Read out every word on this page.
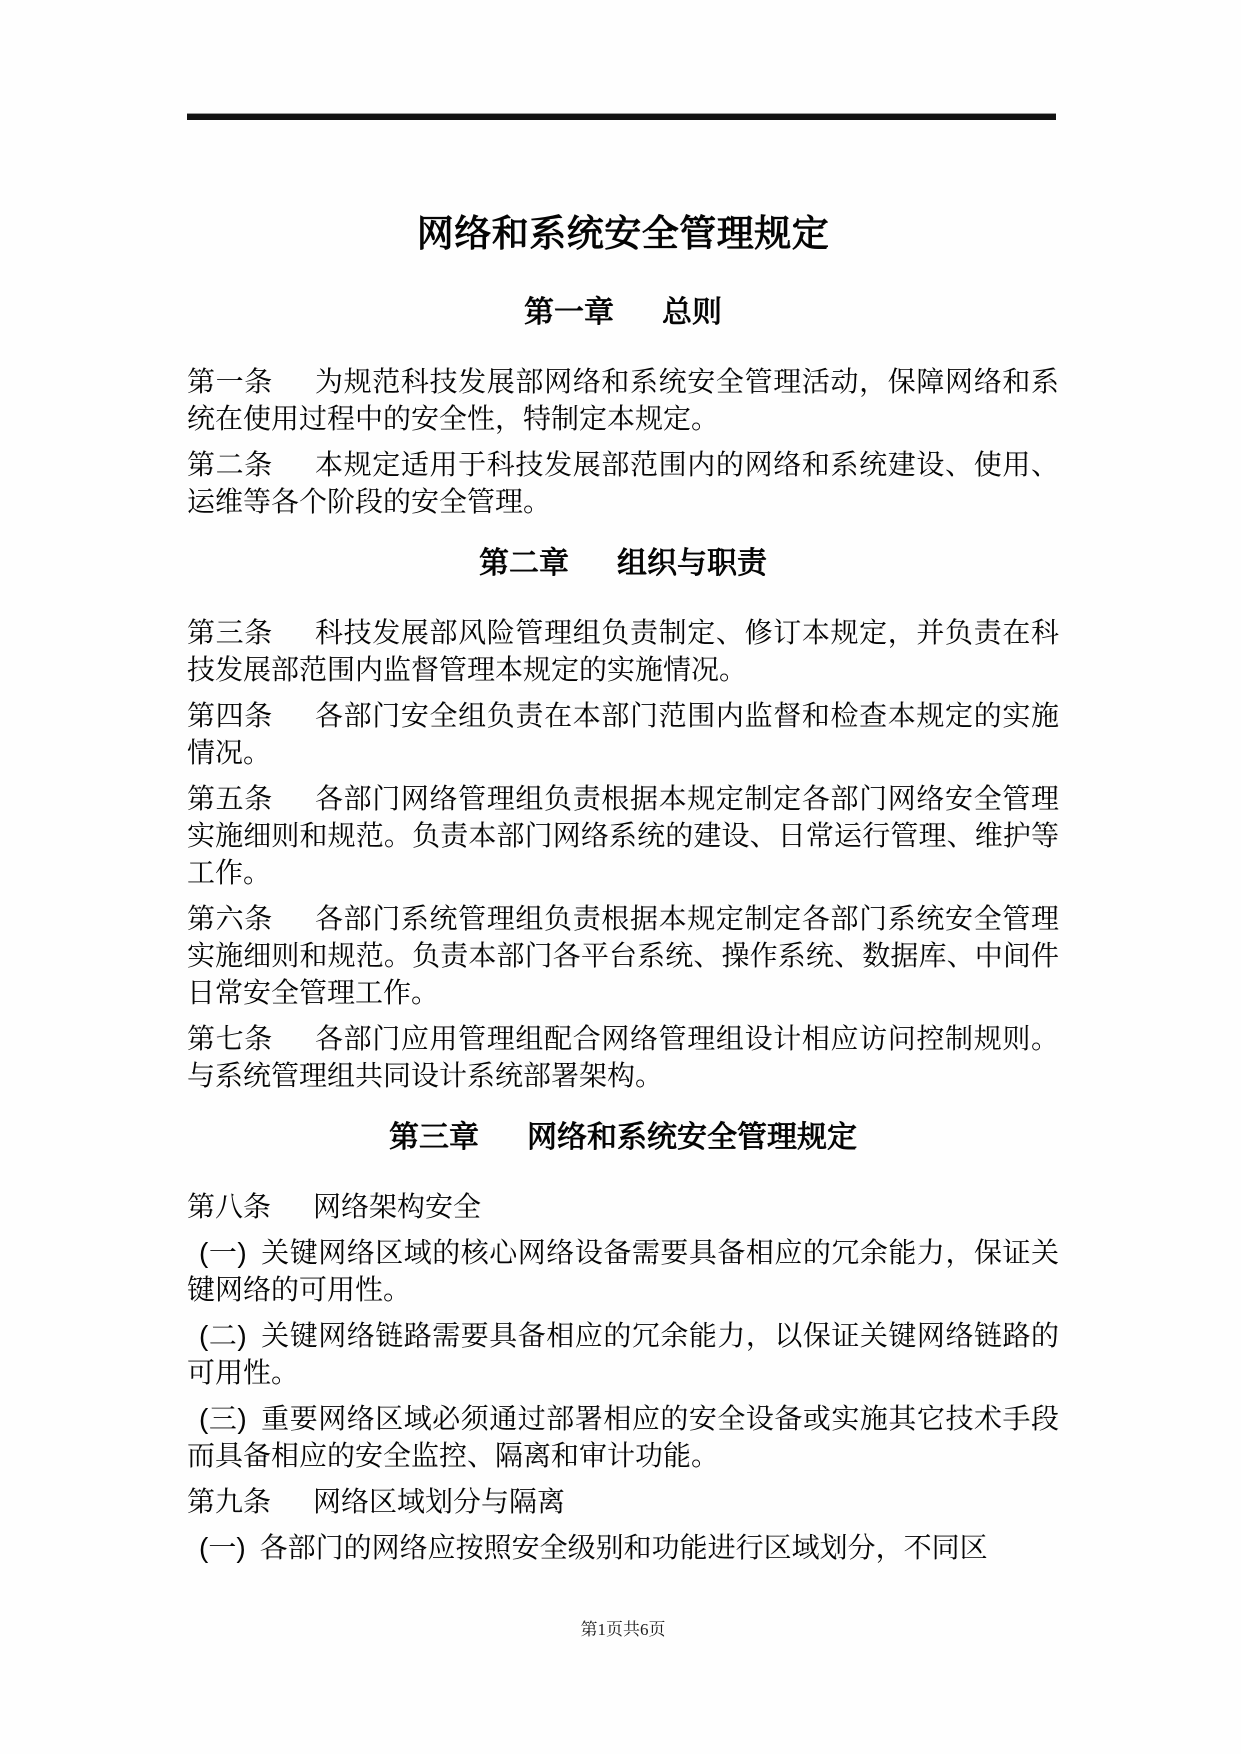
网络和系统安全管理规定
第一章 总则

第一条 为规范科技发展部网络和系统安全管理活动，保障网络和系统在使用过程中的安全性，特制定本规定。

第二条 本规定适用于科技发展部范围内的网络和系统建设、使用、运维等各个阶段的安全管理。

第二章 组织与职责

第三条 科技发展部风险管理组负责制定、修订本规定，并负责在科技发展部范围内监督管理本规定的实施情况。

第四条 各部门安全组负责在本部门范围内监督和检查本规定的实施情况。

第五条 各部门网络管理组负责根据本规定制定各部门网络安全管理实施细则和规范。负责本部门网络系统的建设、日常运行管理、维护等工作。

第六条 各部门系统管理组负责根据本规定制定各部门系统安全管理实施细则和规范。负责本部门各平台系统、操作系统、数据库、中间件日常安全管理工作。

第七条 各部门应用管理组配合网络管理组设计相应访问控制规则。与系统管理组共同设计系统部署架构。

第三章 网络和系统安全管理规定

第八条 网络架构安全

(一) 关键网络区域的核心网络设备需要具备相应的冗余能力，保证关键网络的可用性。

(二) 关键网络链路需要具备相应的冗余能力，以保证关键网络链路的可用性。

(三) 重要网络区域必须通过部署相应的安全设备或实施其它技术手段而具备相应的安全监控、隔离和审计功能。

第九条 网络区域划分与隔离

(一) 各部门的网络应按照安全级别和功能进行区域划分，不同区

第1页共6页
